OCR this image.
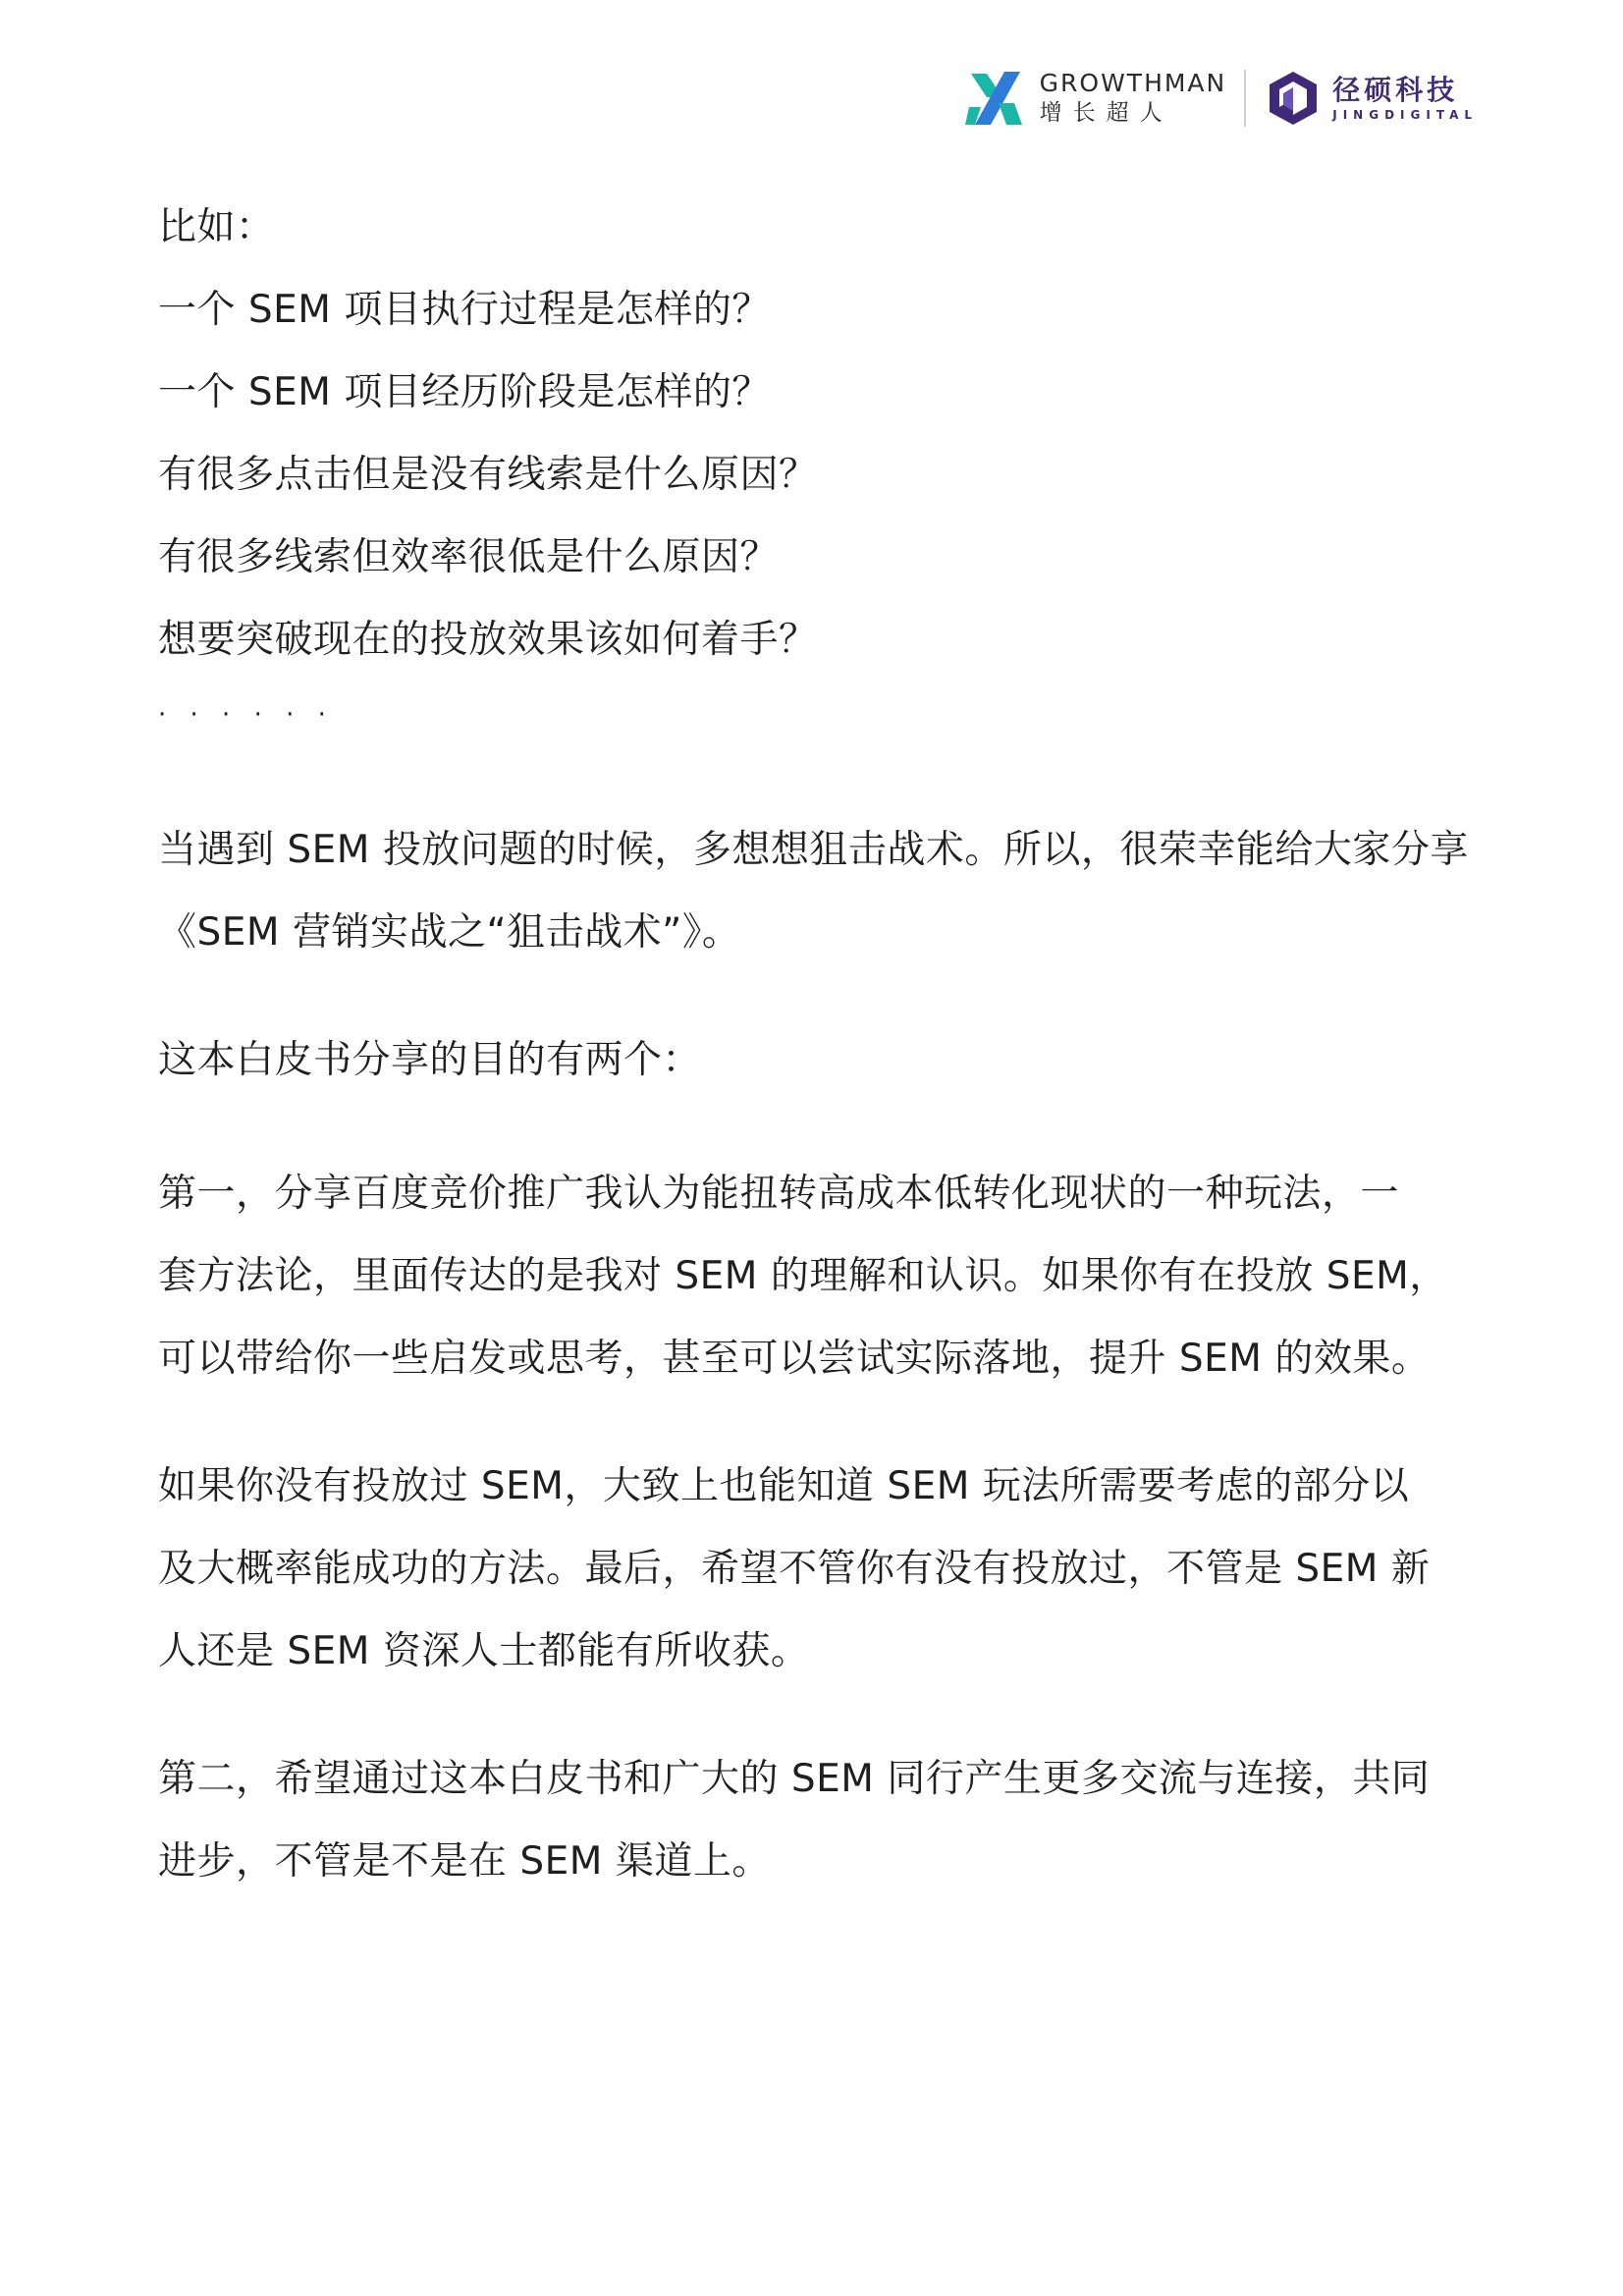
GROWTHMAN
增长超人
径硕科技
JINGDIGITAL
比如：
一个 SEM 项目执行过程是怎样的？
一个 SEM 项目经历阶段是怎样的？
有很多点击但是没有线索是什么原因？
有很多线索但效率很低是什么原因？
想要突破现在的投放效果该如何着手？
· · · · · ·
当遇到 SEM 投放问题的时候，多想想狙击战术。所以，很荣幸能给大家分享
《SEM 营销实战之“狙击战术”》。
这本白皮书分享的目的有两个：
第一，分享百度竞价推广我认为能扭转高成本低转化现状的一种玩法，一
套方法论，里面传达的是我对 SEM 的理解和认识。如果你有在投放 SEM，
可以带给你一些启发或思考，甚至可以尝试实际落地，提升 SEM 的效果。
如果你没有投放过 SEM，大致上也能知道 SEM 玩法所需要考虑的部分以
及大概率能成功的方法。最后，希望不管你有没有投放过，不管是 SEM 新
人还是 SEM 资深人士都能有所收获。
第二，希望通过这本白皮书和广大的 SEM 同行产生更多交流与连接，共同
进步，不管是不是在 SEM 渠道上。
